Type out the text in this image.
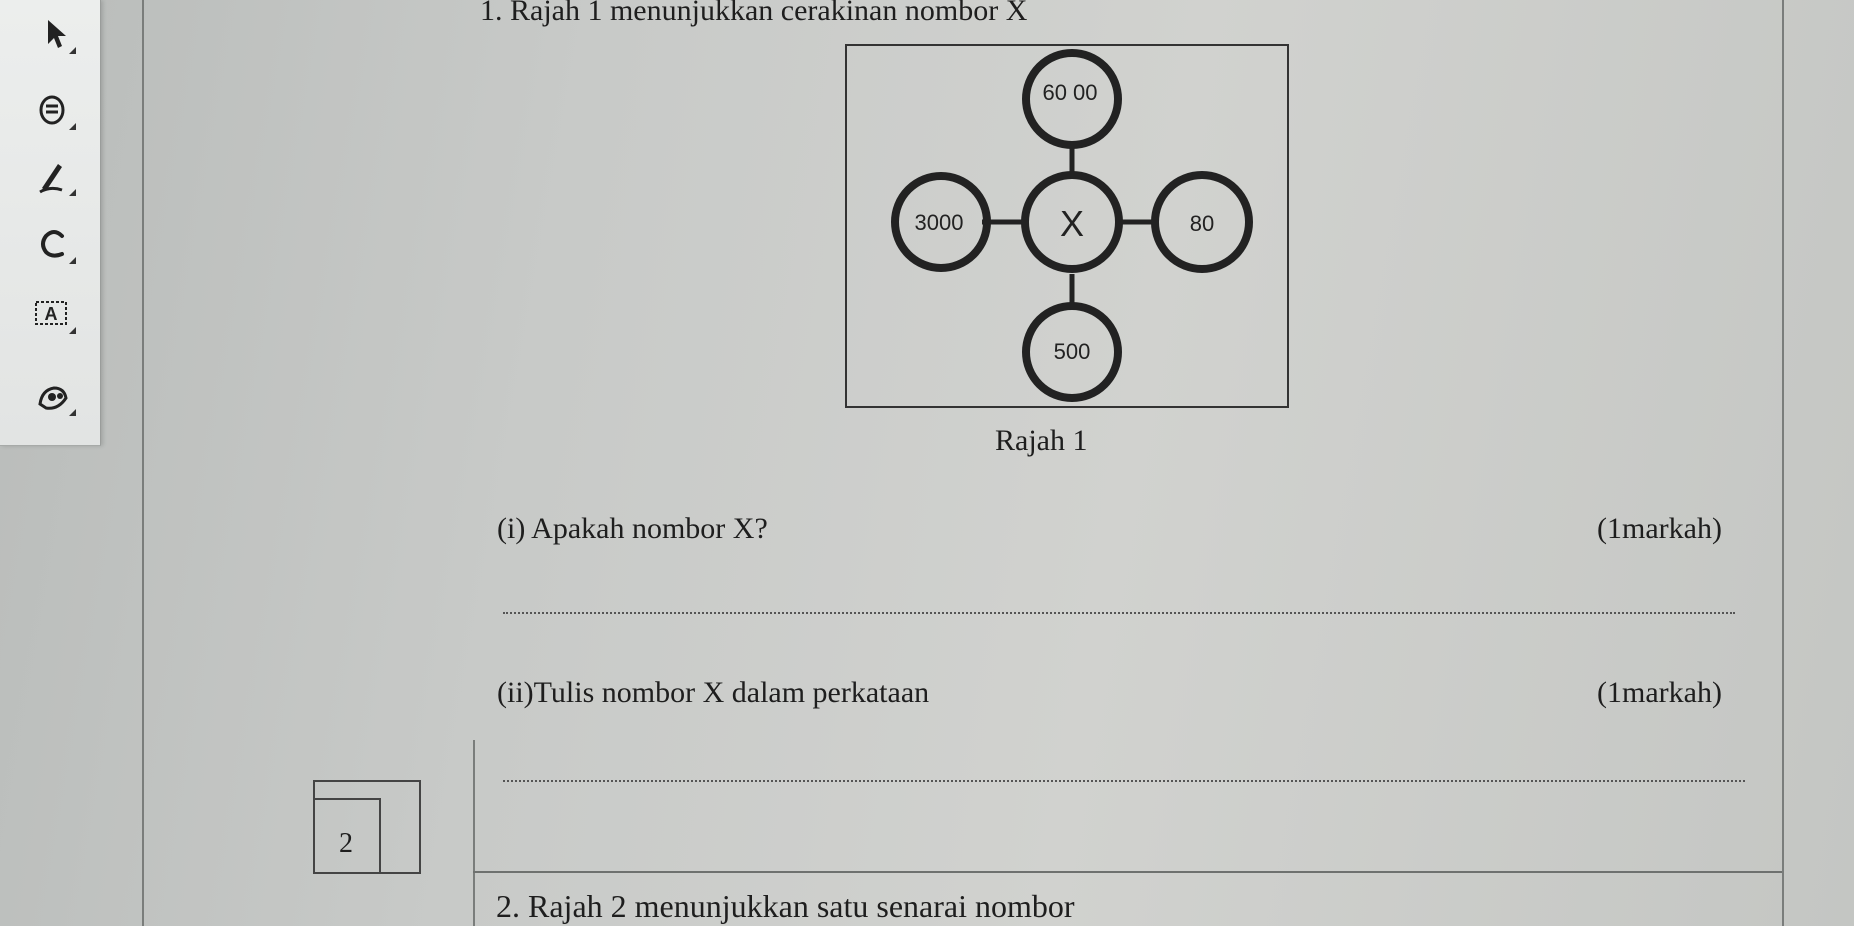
A
1. Rajah 1 menunjukkan cerakinan nombor X
60 00
3000	X	80
500
Rajah 1
(i) Apakah nombor X?	(1markah)
(ii)Tulis nombor X dalam perkataan	(1markah)
2
2. Rajah 2 menunjukkan satu senarai nombor
